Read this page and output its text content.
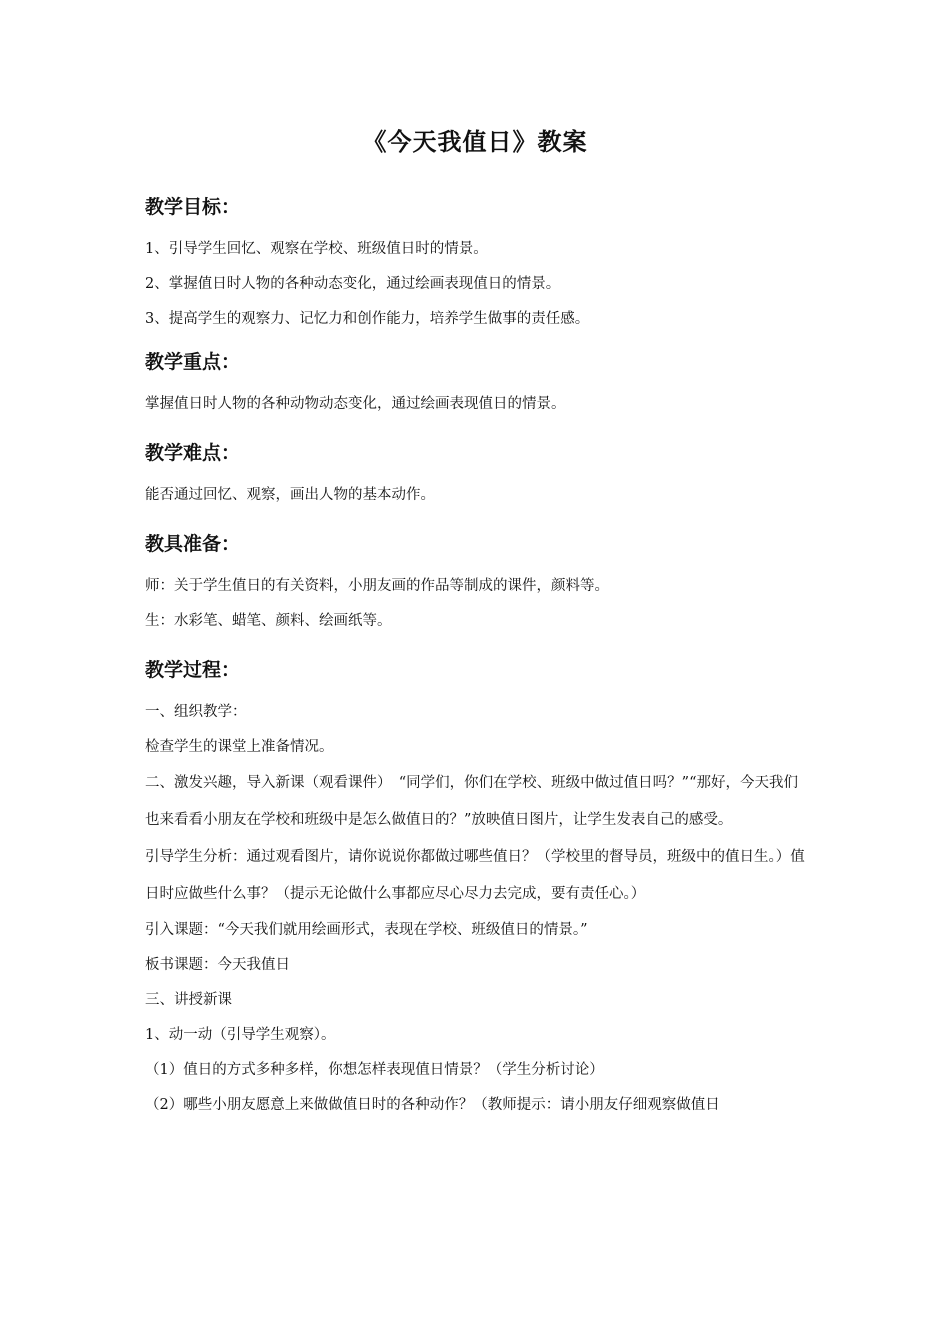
《今天我值日》教案

教学目标：

1、引导学生回忆、观察在学校、班级值日时的情景。

2、掌握值日时人物的各种动态变化，通过绘画表现值日的情景。

3、提高学生的观察力、记忆力和创作能力，培养学生做事的责任感。

教学重点：

掌握值日时人物的各种动物动态变化，通过绘画表现值日的情景。

教学难点：

能否通过回忆、观察，画出人物的基本动作。

教具准备：

师：关于学生值日的有关资料，小朋友画的作品等制成的课件，颜料等。

生：水彩笔、蜡笔、颜料、绘画纸等。

教学过程：

一、组织教学：

检查学生的课堂上准备情况。

二、激发兴趣，导入新课（观看课件）　“同学们，你们在学校、班级中做过值日吗？”“那好，今天我们也来看看小朋友在学校和班级中是怎么做值日的？”放映值日图片，让学生发表自己的感受。

引导学生分析：通过观看图片，请你说说你都做过哪些值日？（学校里的督导员，班级中的值日生。）值日时应做些什么事？（提示无论做什么事都应尽心尽力去完成，要有责任心。）

引入课题：“今天我们就用绘画形式，表现在学校、班级值日的情景。”

板书课题：今天我值日

三、讲授新课

1、动一动（引导学生观察）。

（1）值日的方式多种多样，你想怎样表现值日情景？（学生分析讨论）

（2）哪些小朋友愿意上来做做值日时的各种动作？（教师提示：请小朋友仔细观察做值日
